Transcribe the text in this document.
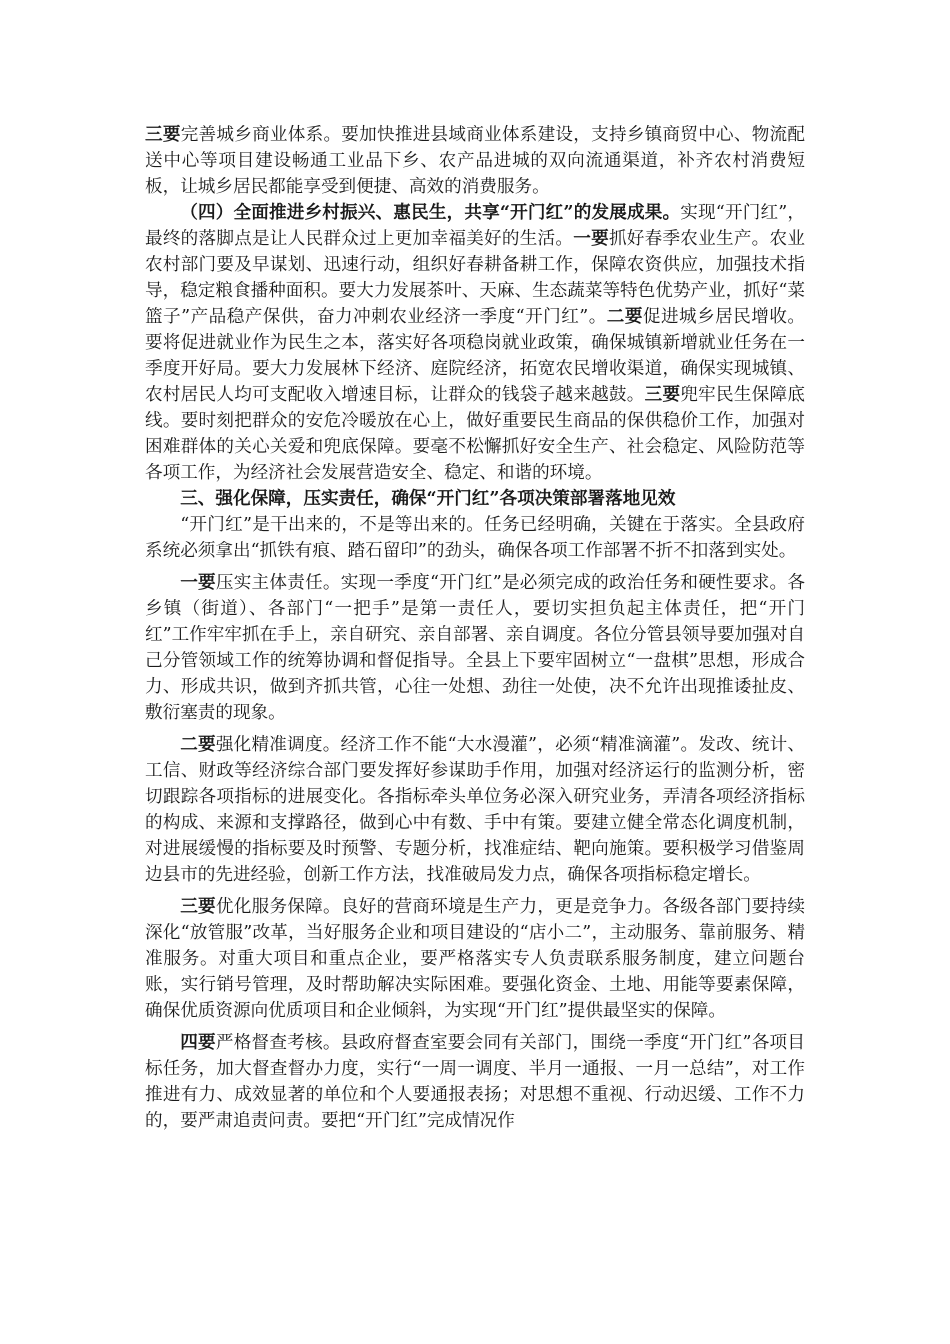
三要完善城乡商业体系。要加快推进县域商业体系建设，支持乡镇商贸中心、物流配送中心等项目建设畅通工业品下乡、农产品进城的双向流通渠道，补齐农村消费短板，让城乡居民都能享受到便捷、高效的消费服务。

（四）全面推进乡村振兴、惠民生，共享“开门红”的发展成果。实现“开门红”，最终的落脚点是让人民群众过上更加幸福美好的生活。一要抓好春季农业生产。农业农村部门要及早谋划、迅速行动，组织好春耕备耕工作，保障农资供应，加强技术指导，稳定粮食播种面积。要大力发展茶叶、天麻、生态蔬菜等特色优势产业，抓好“菜篮子”产品稳产保供，奋力冲刺农业经济一季度“开门红”。二要促进城乡居民增收。要将促进就业作为民生之本，落实好各项稳岗就业政策，确保城镇新增就业任务在一季度开好局。要大力发展林下经济、庭院经济，拓宽农民增收渠道，确保实现城镇、农村居民人均可支配收入增速目标，让群众的钱袋子越来越鼓。三要兜牢民生保障底线。要时刻把群众的安危冷暖放在心上，做好重要民生商品的保供稳价工作，加强对困难群体的关心关爱和兜底保障。要毫不松懈抓好安全生产、社会稳定、风险防范等各项工作，为经济社会发展营造安全、稳定、和谐的环境。

三、强化保障，压实责任，确保“开门红”各项决策部署落地见效

“开门红”是干出来的，不是等出来的。任务已经明确，关键在于落实。全县政府系统必须拿出“抓铁有痕、踏石留印”的劲头，确保各项工作部署不折不扣落到实处。

一要压实主体责任。实现一季度“开门红”是必须完成的政治任务和硬性要求。各乡镇（街道）、各部门“一把手”是第一责任人，要切实担负起主体责任，把“开门红”工作牢牢抓在手上，亲自研究、亲自部署、亲自调度。各位分管县领导要加强对自己分管领域工作的统筹协调和督促指导。全县上下要牢固树立“一盘棋”思想，形成合力、形成共识，做到齐抓共管，心往一处想、劲往一处使，决不允许出现推诿扯皮、敷衍塞责的现象。

二要强化精准调度。经济工作不能“大水漫灌”，必须“精准滴灌”。发改、统计、工信、财政等经济综合部门要发挥好参谋助手作用，加强对经济运行的监测分析，密切跟踪各项指标的进展变化。各指标牵头单位务必深入研究业务，弄清各项经济指标的构成、来源和支撑路径，做到心中有数、手中有策。要建立健全常态化调度机制，对进展缓慢的指标要及时预警、专题分析，找准症结、靶向施策。要积极学习借鉴周边县市的先进经验，创新工作方法，找准破局发力点，确保各项指标稳定增长。

三要优化服务保障。良好的营商环境是生产力，更是竞争力。各级各部门要持续深化“放管服”改革，当好服务企业和项目建设的“店小二”，主动服务、靠前服务、精准服务。对重大项目和重点企业，要严格落实专人负责联系服务制度，建立问题台账，实行销号管理，及时帮助解决实际困难。要强化资金、土地、用能等要素保障，确保优质资源向优质项目和企业倾斜，为实现“开门红”提供最坚实的保障。

四要严格督查考核。县政府督查室要会同有关部门，围绕一季度“开门红”各项目标任务，加大督查督办力度，实行“一周一调度、半月一通报、一月一总结”，对工作推进有力、成效显著的单位和个人要通报表扬；对思想不重视、行动迟缓、工作不力的，要严肃追责问责。要把“开门红”完成情况作
